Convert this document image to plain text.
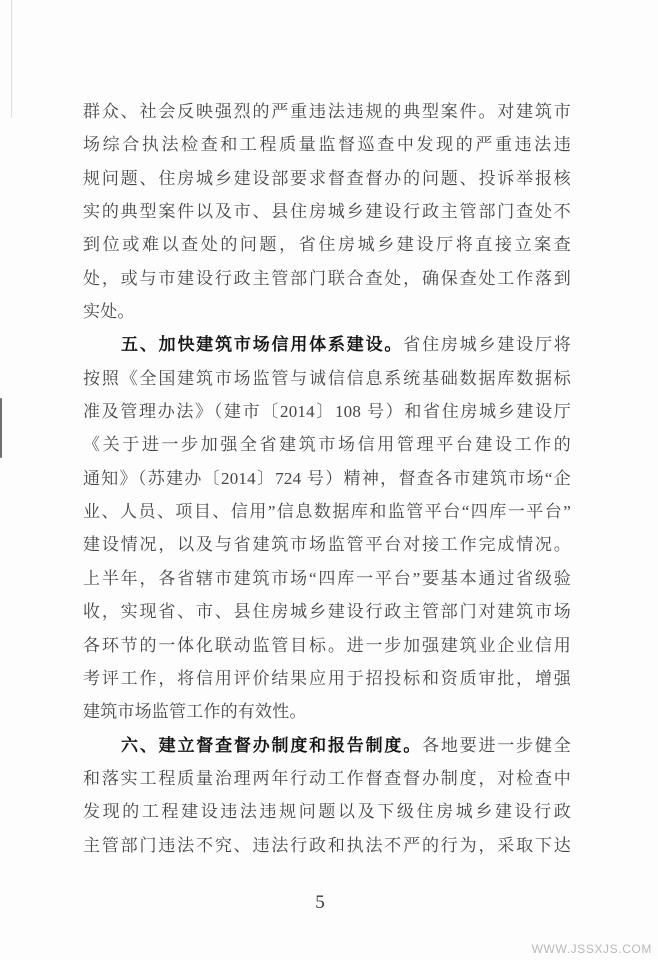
群众、社会反映强烈的严重违法违规的典型案件。对建筑市
场综合执法检查和工程质量监督巡查中发现的严重违法违
规问题、住房城乡建设部要求督查督办的问题、投诉举报核
实的典型案件以及市、县住房城乡建设行政主管部门查处不
到位或难以查处的问题，省住房城乡建设厅将直接立案查
处，或与市建设行政主管部门联合查处，确保查处工作落到
实处。
五、加快建筑市场信用体系建设。省住房城乡建设厅将
按照《全国建筑市场监管与诚信信息系统基础数据库数据标
准及管理办法》（建市〔2014〕108 号）和省住房城乡建设厅
《关于进一步加强全省建筑市场信用管理平台建设工作的
通知》（苏建办〔2014〕724 号）精神，督查各市建筑市场“企
业、人员、项目、信用”信息数据库和监管平台“四库一平台”
建设情况，以及与省建筑市场监管平台对接工作完成情况。
上半年，各省辖市建筑市场“四库一平台”要基本通过省级验
收，实现省、市、县住房城乡建设行政主管部门对建筑市场
各环节的一体化联动监管目标。进一步加强建筑业企业信用
考评工作，将信用评价结果应用于招投标和资质审批，增强
建筑市场监管工作的有效性。
六、建立督查督办制度和报告制度。各地要进一步健全
和落实工程质量治理两年行动工作督查督办制度，对检查中
发现的工程建设违法违规问题以及下级住房城乡建设行政
主管部门违法不究、违法行政和执法不严的行为，采取下达
5
WWW.JSSXJS.COM
